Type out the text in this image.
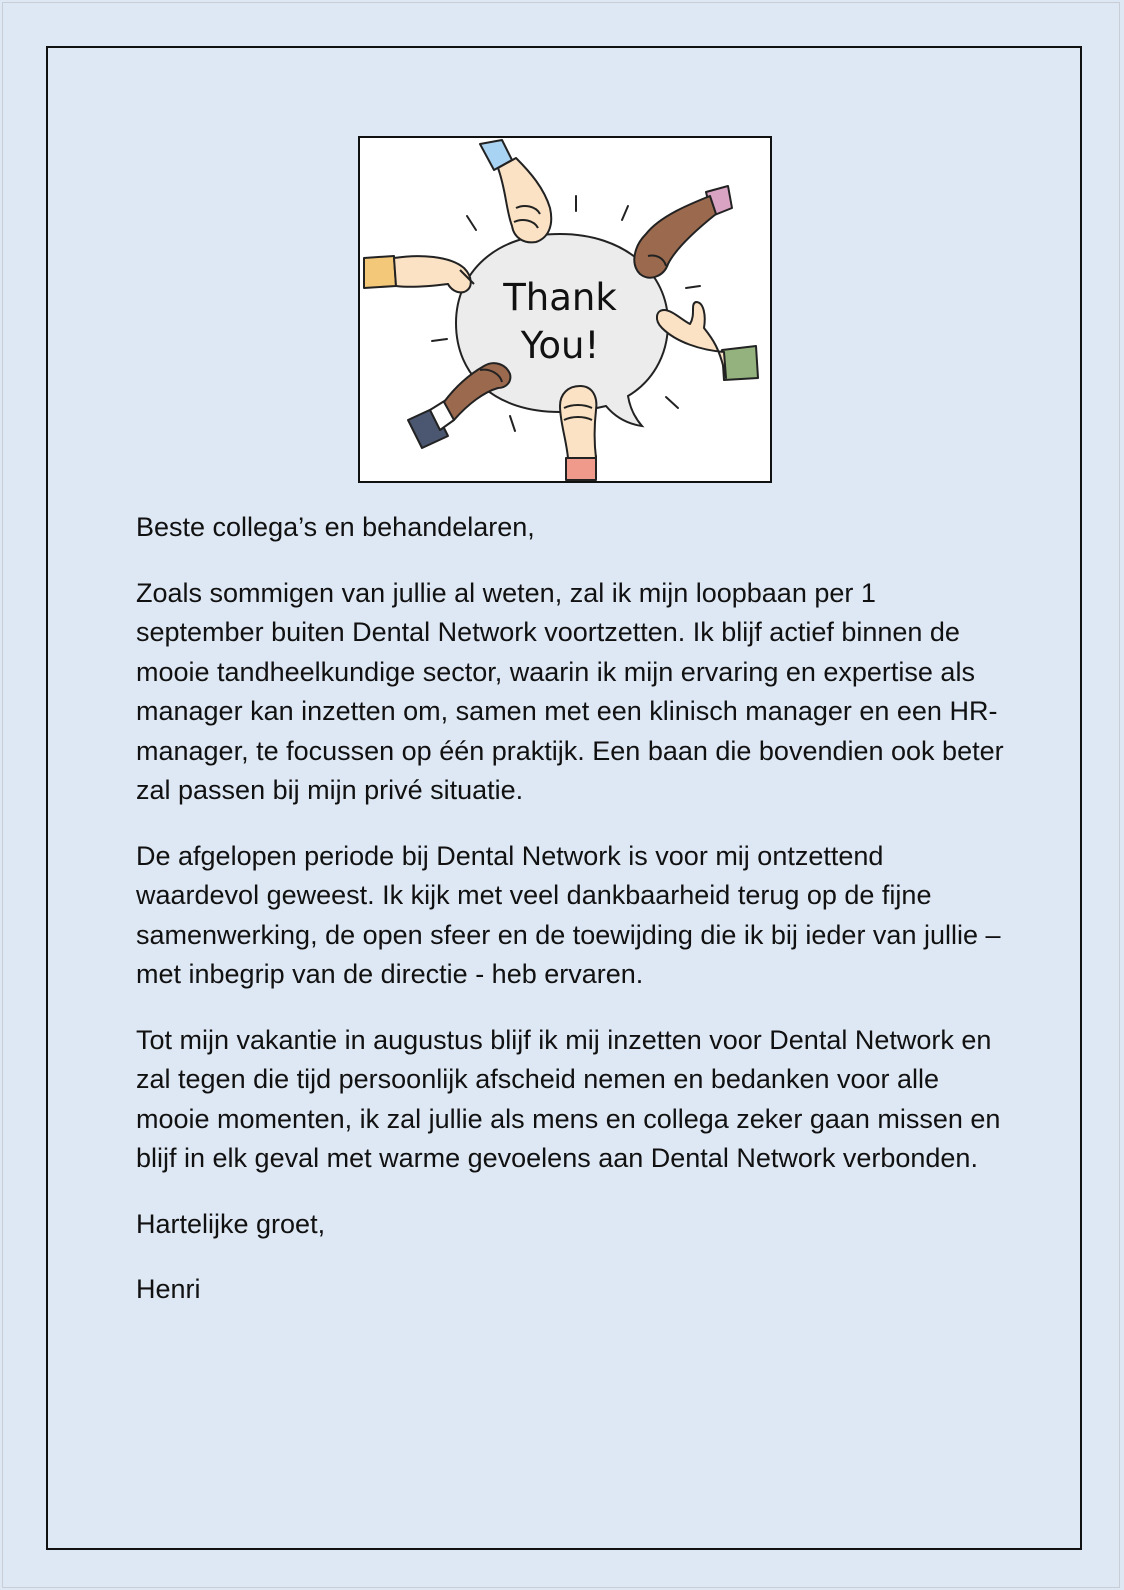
Thank
You!

Beste collega’s en behandelaren,

Zoals sommigen van jullie al weten, zal ik mijn loopbaan per 1 september buiten Dental Network voortzetten. Ik blijf actief binnen de mooie tandheelkundige sector, waarin ik mijn ervaring en expertise als manager kan inzetten om, samen met een klinisch manager en een HR-manager, te focussen op één praktijk. Een baan die bovendien ook beter zal passen bij mijn privé situatie.

De afgelopen periode bij Dental Network is voor mij ontzettend waardevol geweest. Ik kijk met veel dankbaarheid terug op de fijne samenwerking, de open sfeer en de toewijding die ik bij ieder van jullie – met inbegrip van de directie - heb ervaren.

Tot mijn vakantie in augustus blijf ik mij inzetten voor Dental Network en zal tegen die tijd persoonlijk afscheid nemen en bedanken voor alle mooie momenten, ik zal jullie als mens en collega zeker gaan missen en blijf in elk geval met warme gevoelens aan Dental Network verbonden.

Hartelijke groet,

Henri
